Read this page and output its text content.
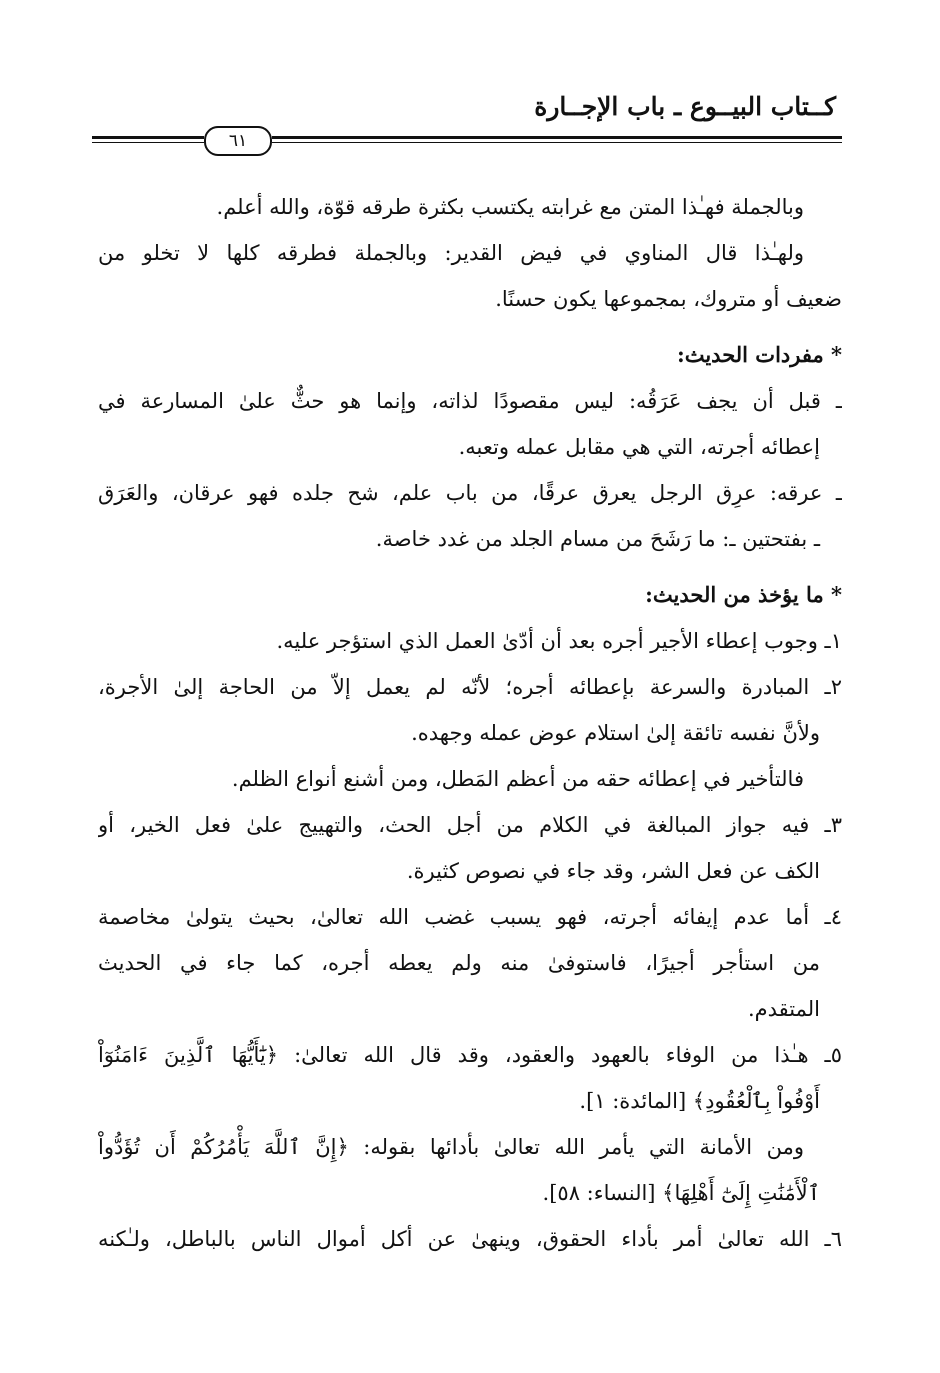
كــتاب البيــوع ـ باب الإجــارة
٦١
وبالجملة فهـٰذا المتن مع غرابته يكتسب بكثرة طرقه قوّة، والله أعلم.
ولهـٰذا قال المناوي في فيض القدير: وبالجملة فطرقه كلها لا تخلو من
ضعيف أو متروك، بمجموعها يكون حسنًا.
* مفردات الحديث:
ـ قبل أن يجف عَرَقُه: ليس مقصودًا لذاته، وإنما هو حثٌّ علىٰ المسارعة في
إعطائه أجرته، التي هي مقابل عمله وتعبه.
ـ عرقه: عرِق الرجل يعرق عرقًا، من باب علم، شح جلده فهو عرقان، والعَرَق
ـ بفتحتين ـ: ما رَشَحَ من مسام الجلد من غدد خاصة.
* ما يؤخذ من الحديث:
١ـ وجوب إعطاء الأجير أجره بعد أن أدّىٰ العمل الذي استؤجر عليه.
٢ـ المبادرة والسرعة بإعطائه أجره؛ لأنّه لم يعمل إلاّ من الحاجة إلىٰ الأجرة،
ولأنَّ نفسه تائقة إلىٰ استلام عوض عمله وجهده.
فالتأخير في إعطائه حقه من أعظم المَطل، ومن أشنع أنواع الظلم.
٣ـ فيه جواز المبالغة في الكلام من أجل الحث، والتهييج علىٰ فعل الخير، أو
الكف عن فعل الشر، وقد جاء في نصوص كثيرة.
٤ـ أما عدم إيفائه أجرته، فهو يسبب غضب الله تعالىٰ، بحيث يتولىٰ مخاصمة
من استأجر أجيرًا، فاستوفىٰ منه ولم يعطه أجره، كما جاء في الحديث
المتقدم.
٥ـ هـٰذا من الوفاء بالعهود والعقود، وقد قال الله تعالىٰ: ﴿يَٰٓأَيُّهَا ٱلَّذِينَ ءَامَنُوٓاْ
أَوْفُواْ بِٱلْعُقُودِ﴾ [المائدة: ١].
ومن الأمانة التي يأمر الله تعالىٰ بأدائها بقوله: ﴿إِنَّ ٱللَّهَ يَأْمُرُكُمْ أَن تُؤَدُّواْ
ٱلْأَمَٰنَٰتِ إِلَىٰٓ أَهْلِهَا﴾ [النساء: ٥٨].
٦ـ الله تعالىٰ أمر بأداء الحقوق، وينهىٰ عن أكل أموال الناس بالباطل، ولـٰكنه
